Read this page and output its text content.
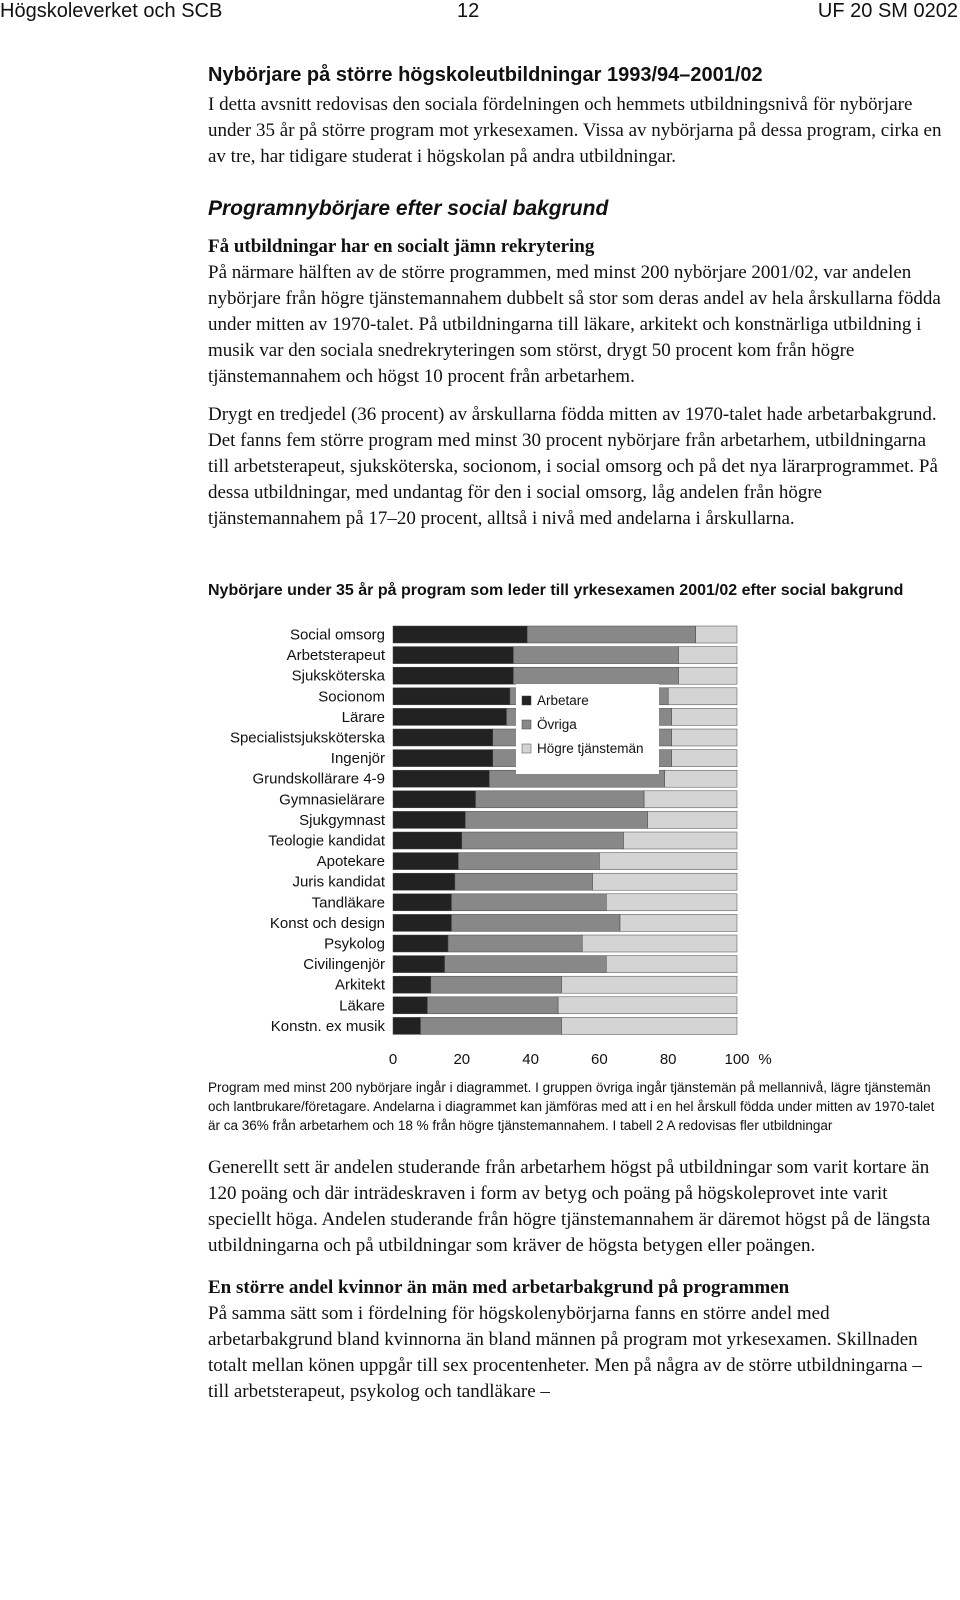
Högskoleverket och SCB	12	UF 20 SM 0202
Nybörjare på större högskoleutbildningar 1993/94–2001/02

I detta avsnitt redovisas den sociala fördelningen och hemmets utbildningsnivå för nybörjare under 35 år på större program mot yrkesexamen. Vissa av nybörjarna på dessa program, cirka en av tre, har tidigare studerat i högskolan på andra utbildningar.

Programnybörjare efter social bakgrund
Få utbildningar har en socialt jämn rekrytering

På närmare hälften av de större programmen, med minst 200 nybörjare 2001/02, var andelen nybörjare från högre tjänstemannahem dubbelt så stor som deras andel av hela årskullarna födda under mitten av 1970-talet. På utbildningarna till läkare, arkitekt och konstnärliga utbildning i musik var den sociala snedrekryteringen som störst, drygt 50 procent kom från högre tjänstemannahem och högst 10 procent från arbetarhem.

Drygt en tredjedel (36 procent) av årskullarna födda mitten av 1970-talet hade arbetarbakgrund. Det fanns fem större program med minst 30 procent nybörjare från arbetarhem, utbildningarna till arbetsterapeut, sjuksköterska, socionom, i social omsorg och på det nya lärarprogrammet. På dessa utbildningar, med undantag för den i social omsorg, låg andelen från högre tjänstemannahem på 17–20 procent, alltså i nivå med andelarna i årskullarna.

Nybörjare under 35 år på program som leder till yrkesexamen 2001/02 efter social bakgrund

Social omsorg
Arbetsterapeut
Sjuksköterska
Socionom
Lärare
Specialistsjuksköterska
Ingenjör
Grundskollärare 4-9
Gymnasielärare
Sjukgymnast
Teologie kandidat
Apotekare
Juris kandidat
Tandläkare
Konst och design
Psykolog
Civilingenjör
Arkitekt
Läkare
Konstn. ex musik
0	20	40	60	80	100 %
Arbetare
Övriga
Högre tjänstemän

Program med minst 200 nybörjare ingår i diagrammet. I gruppen övriga ingår tjänstemän på mellannivå, lägre tjänstemän och lantbrukare/företagare. Andelarna i diagrammet kan jämföras med att i en hel årskull födda under mitten av 1970-talet är ca 36% från arbetarhem och 18 % från högre tjänstemannahem. I tabell 2 A redovisas fler utbildningar

Generellt sett är andelen studerande från arbetarhem högst på utbildningar som varit kortare än 120 poäng och där inträdeskraven i form av betyg och poäng på högskoleprovet inte varit speciellt höga. Andelen studerande från högre tjänstemannahem är däremot högst på de längsta utbildningarna och på utbildningar som kräver de högsta betygen eller poängen.

En större andel kvinnor än män med arbetarbakgrund på programmen

På samma sätt som i fördelning för högskolenybörjarna fanns en större andel med arbetarbakgrund bland kvinnorna än bland männen på program mot yrkesexamen. Skillnaden totalt mellan könen uppgår till sex procentenheter. Men på några av de större utbildningarna – till arbetsterapeut, psykolog och tandläkare –
